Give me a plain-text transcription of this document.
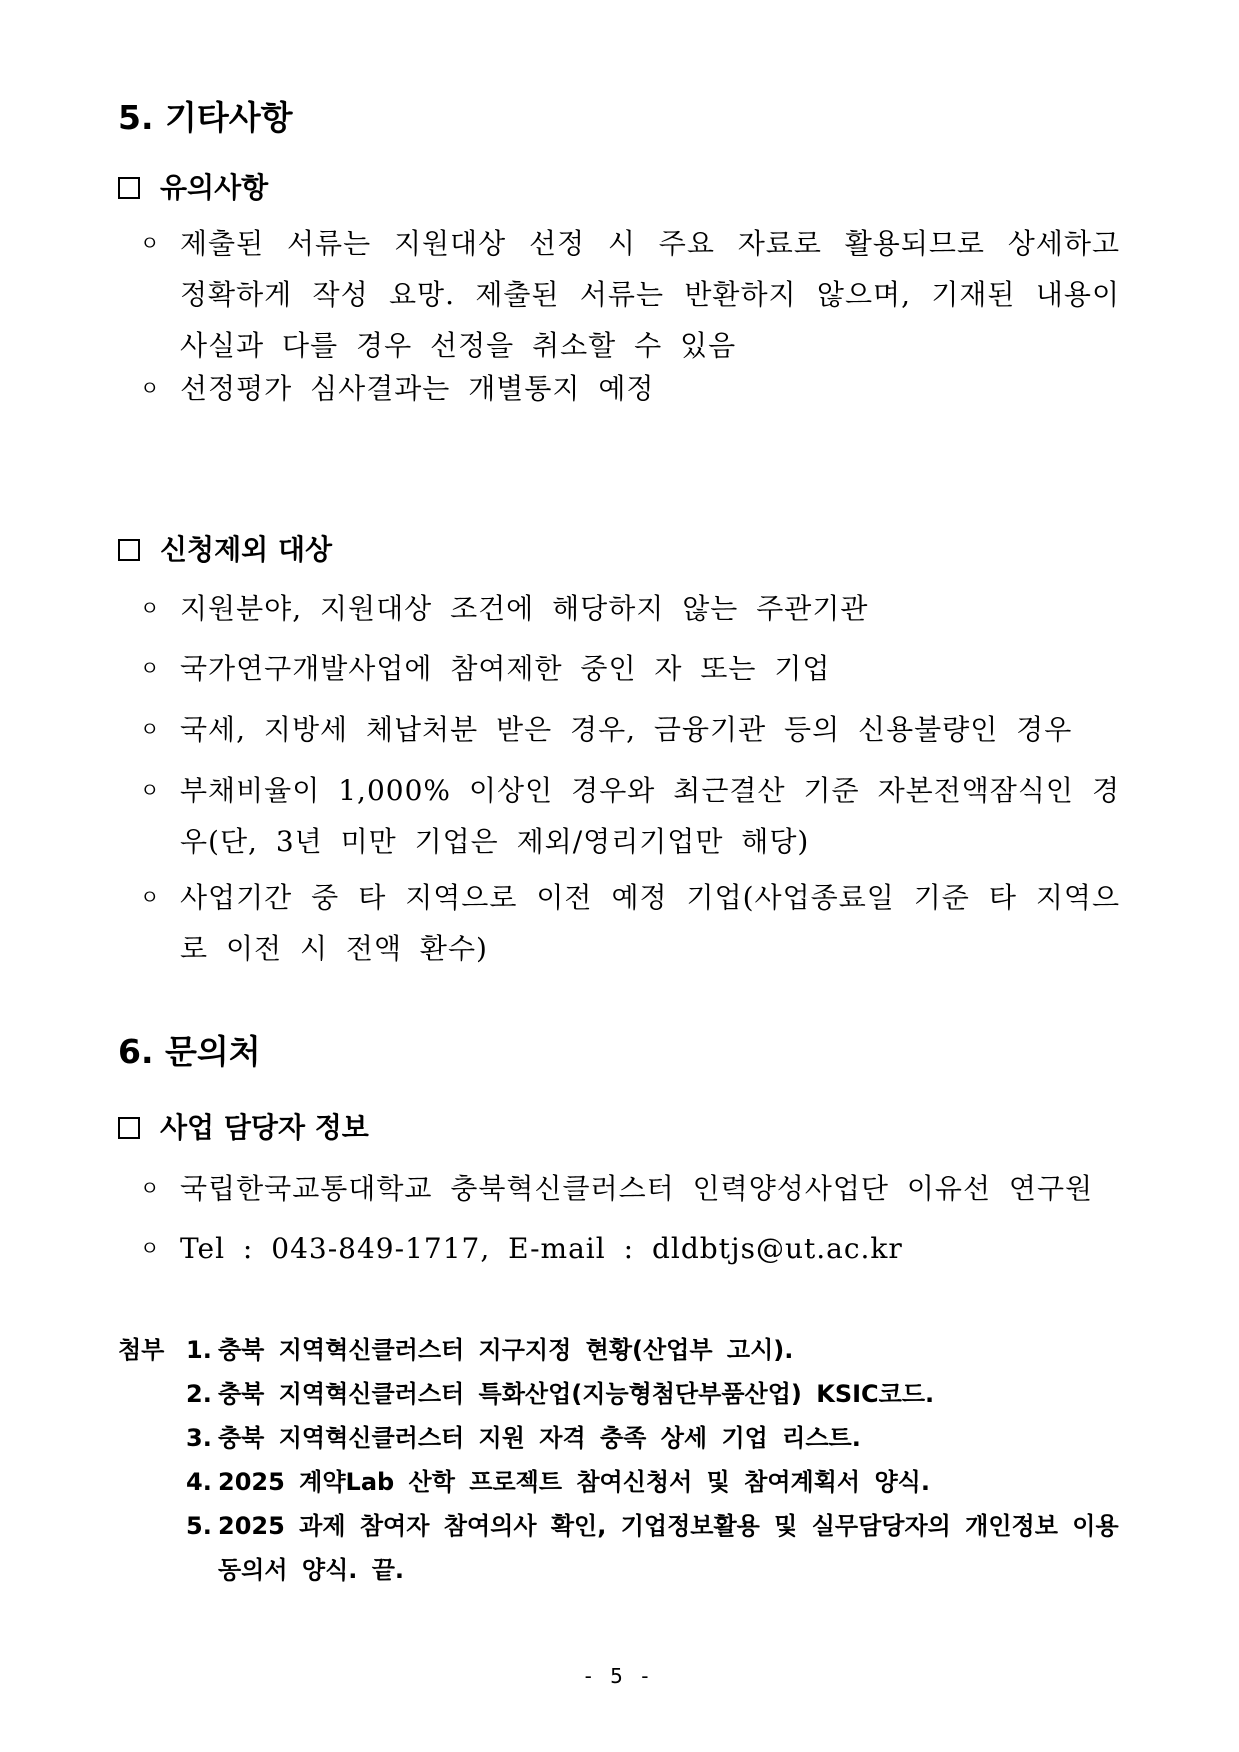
5. 기타사항
유의사항
ㅇ 제출된 서류는 지원대상 선정 시 주요 자료로 활용되므로 상세하고 정확하게 작성 요망. 제출된 서류는 반환하지 않으며, 기재된 내용이 사실과 다를 경우 선정을 취소할 수 있음
ㅇ 선정평가 심사결과는 개별통지 예정
신청제외 대상
ㅇ 지원분야, 지원대상 조건에 해당하지 않는 주관기관
ㅇ 국가연구개발사업에 참여제한 중인 자 또는 기업
ㅇ 국세, 지방세 체납처분 받은 경우, 금융기관 등의 신용불량인 경우
ㅇ 부채비율이 1,000% 이상인 경우와 최근결산 기준 자본전액잠식인 경우(단, 3년 미만 기업은 제외/영리기업만 해당)
ㅇ 사업기간 중 타 지역으로 이전 예정 기업(사업종료일 기준 타 지역으로 이전 시 전액 환수)
6. 문의처
사업 담당자 정보
ㅇ 국립한국교통대학교 충북혁신클러스터 인력양성사업단 이유선 연구원
ㅇ Tel : 043-849-1717, E-mail : dldbtjs@ut.ac.kr
첨부 1. 충북 지역혁신클러스터 지구지정 현황(산업부 고시).
2. 충북 지역혁신클러스터 특화산업(지능형첨단부품산업) KSIC코드.
3. 충북 지역혁신클러스터 지원 자격 충족 상세 기업 리스트.
4. 2025 계약Lab 산학 프로젝트 참여신청서 및 참여계획서 양식.
5. 2025 과제 참여자 참여의사 확인, 기업정보활용 및 실무담당자의 개인정보 이용 동의서 양식. 끝.
- 5 -
